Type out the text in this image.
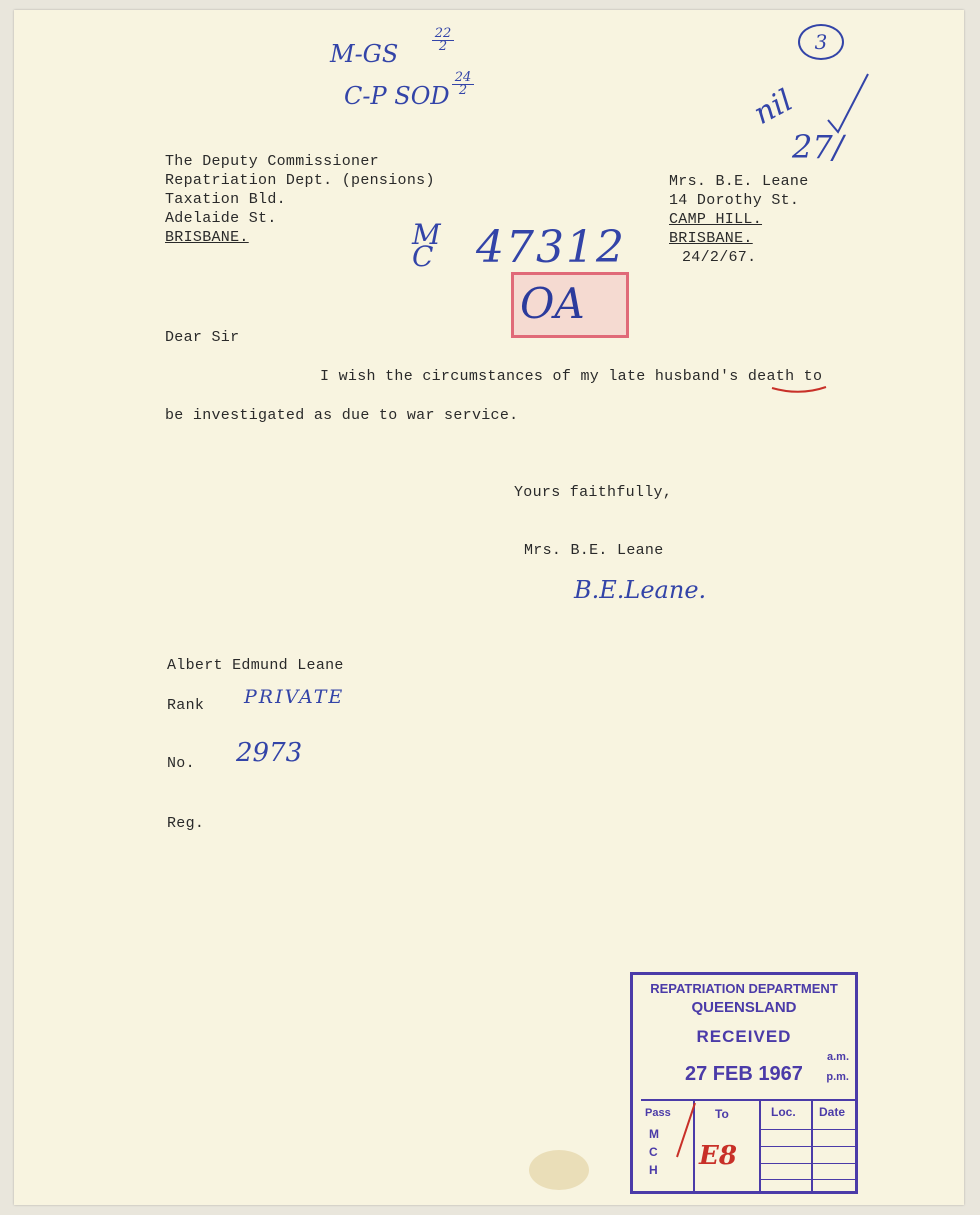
M-GS	$\frac{22}{2}$
C-P SOD $\frac{24}{2}$
3
nil
27/
The Deputy Commissioner
Repatriation Dept. (pensions)
Taxation Bld.
Adelaide St.
BRISBANE.
Mrs. B.E. Leane
14 Dorothy St.
CAMP HILL.
BRISBANE.
24/2/67.
M C 47312
OA
Dear Sir
I wish the circumstances of my late husband's death to
be investigated as due to war service.
Yours faithfully,
Mrs. B.E. Leane
B.E.Leane.
Albert Edmund Leane
Rank PRIVATE
No. 2973
Reg.
REPATRIATION DEPARTMENT
QUEENSLAND
RECEIVED
a.m.
27 FEB 1967 p.m.
Pass
M
C
H
To	Loc. Date
E8
